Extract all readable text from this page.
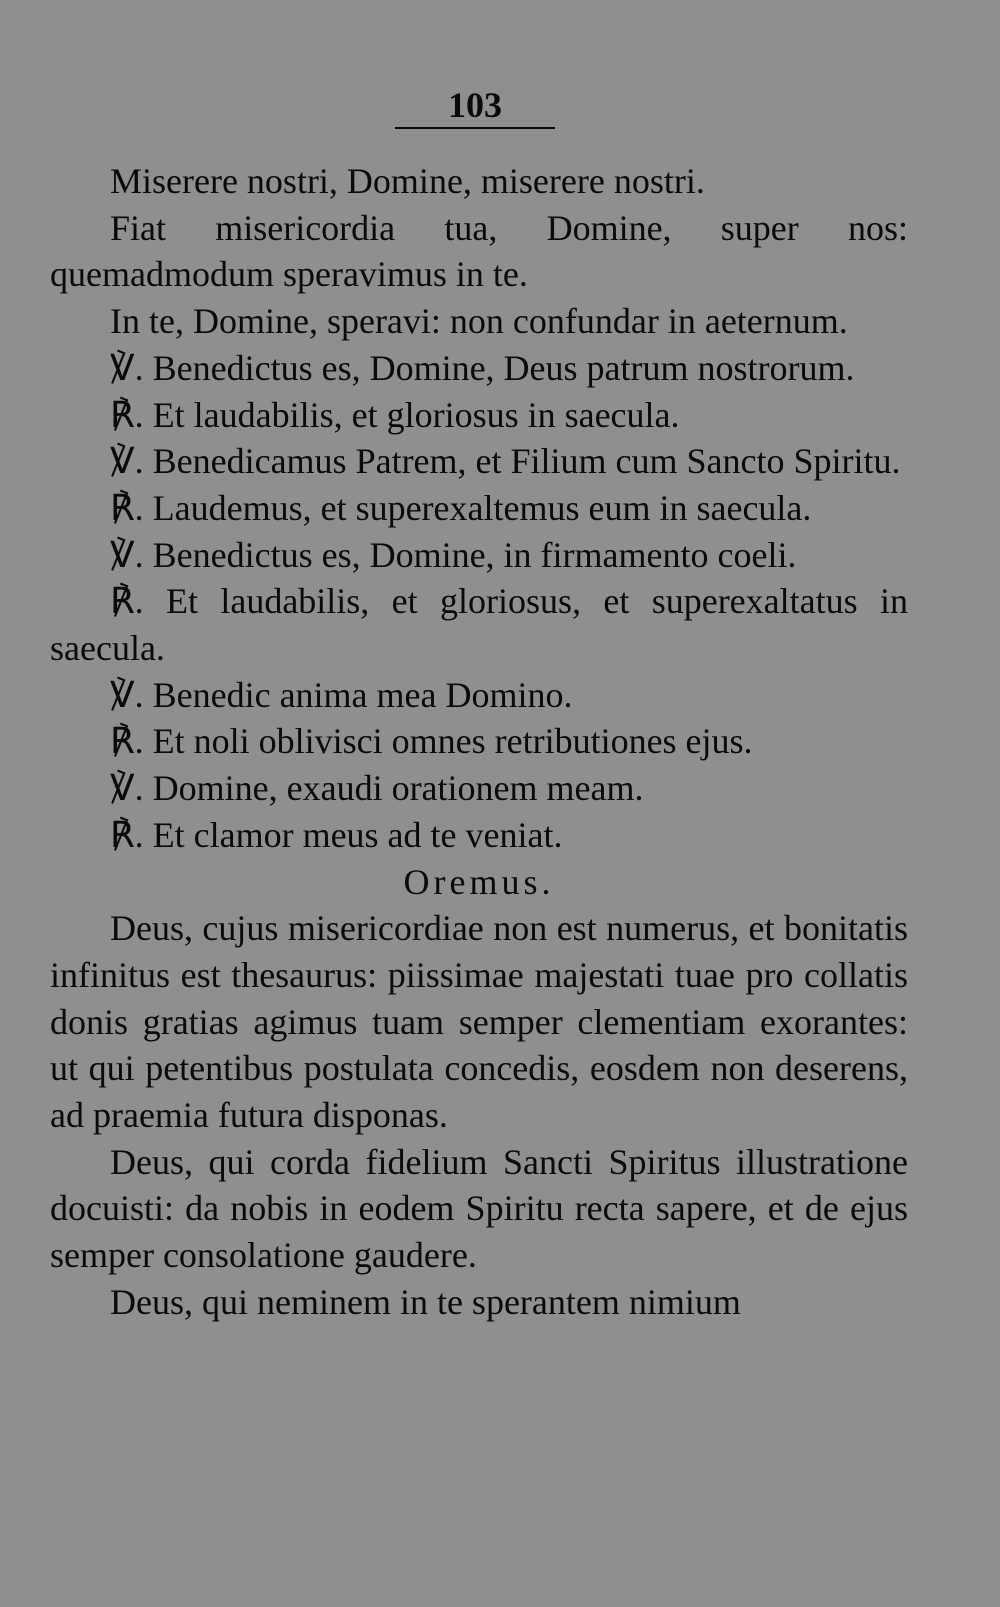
103

Miserere nostri, Domine, miserere nostri.

Fiat misericordia tua, Domine, super nos: quemadmodum speravimus in te.

In te, Domine, speravi: non confundar in aeternum.

℣. Benedictus es, Domine, Deus patrum nostrorum.

℟. Et laudabilis, et gloriosus in saecula.

℣. Benedicamus Patrem, et Filium cum Sancto Spiritu.

℟. Laudemus, et superexaltemus eum in saecula.

℣. Benedictus es, Domine, in firmamento coeli.

℟. Et laudabilis, et gloriosus, et superexaltatus in saecula.

℣. Benedic anima mea Domino.

℟. Et noli oblivisci omnes retributiones ejus.

℣. Domine, exaudi orationem meam.

℟. Et clamor meus ad te veniat.

Oremus.

Deus, cujus misericordiae non est numerus, et bonitatis infinitus est thesaurus: piissimae majestati tuae pro collatis donis gratias agimus tuam semper clementiam exorantes: ut qui petentibus postulata concedis, eosdem non deserens, ad praemia futura disponas.

Deus, qui corda fidelium Sancti Spiritus illustratione docuisti: da nobis in eodem Spiritu recta sapere, et de ejus semper consolatione gaudere.

Deus, qui neminem in te sperantem nimium
